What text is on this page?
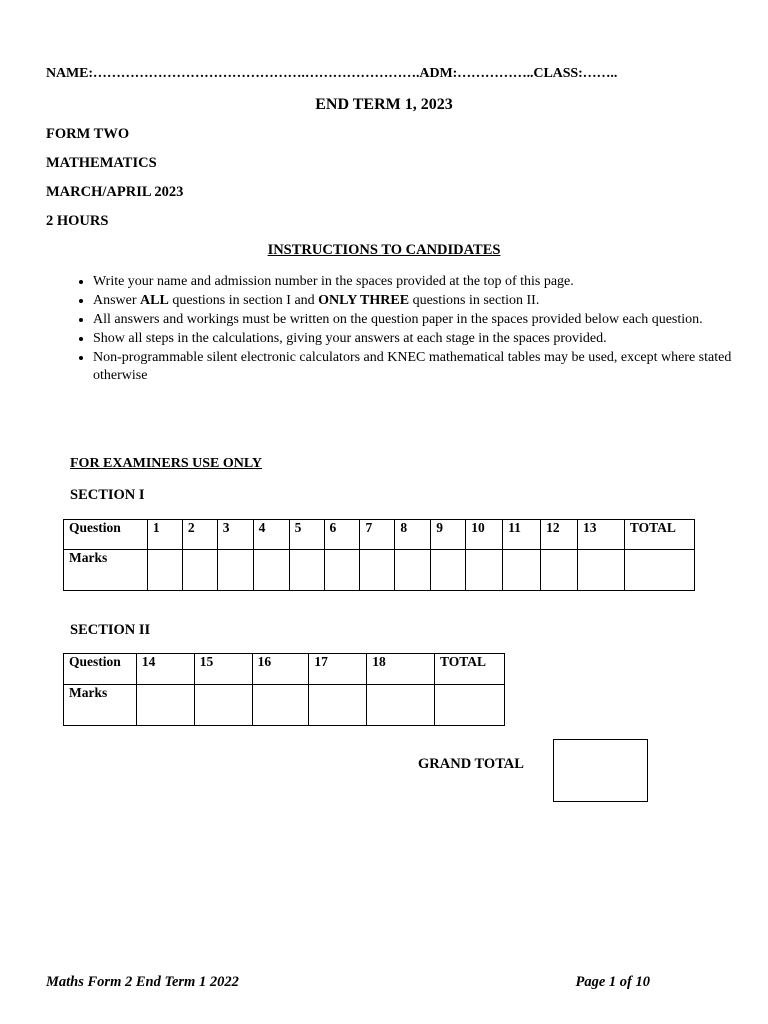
NAME:……………………………………….…………………….ADM:……………..CLASS:……..
END TERM 1, 2023
FORM TWO
MATHEMATICS
MARCH/APRIL 2023
2 HOURS
INSTRUCTIONS TO CANDIDATES
• Write your name and admission number in the spaces provided at the top of this page.
• Answer ALL questions in section I and ONLY THREE questions in section II.
• All answers and workings must be written on the question paper in the spaces provided below each question.
• Show all steps in the calculations, giving your answers at each stage in the spaces provided.
• Non-programmable silent electronic calculators and KNEC mathematical tables may be used, except where stated otherwise
FOR EXAMINERS USE ONLY
SECTION I
Question	1	2	3	4	5	6	7	8	9	10	11	12	13	TOTAL
Marks														
SECTION II
Question	14	15	16	17	18	TOTAL
Marks						
GRAND TOTAL
Maths Form 2 End Term 1 2022	Page 1 of 10
